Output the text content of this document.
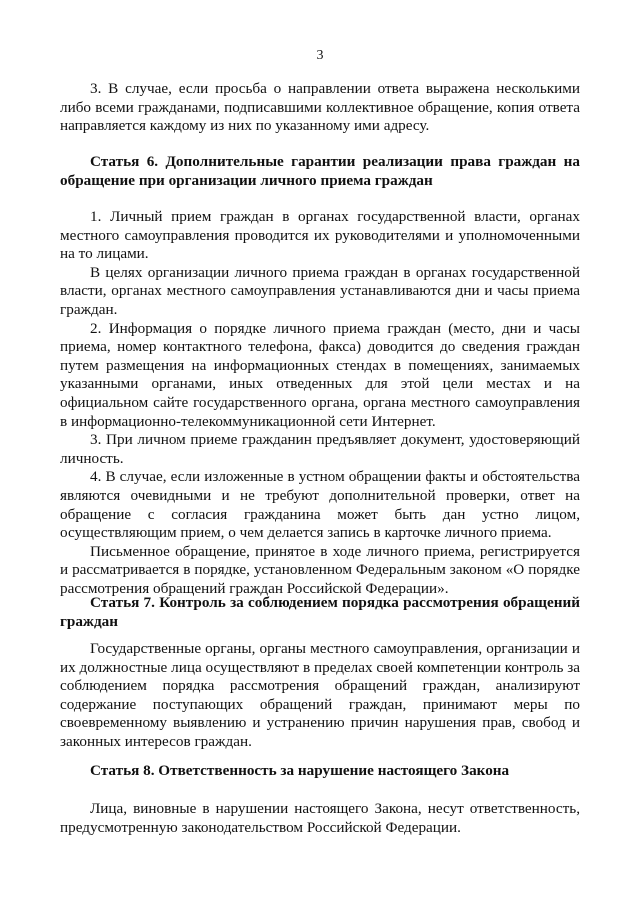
3

3. В случае, если просьба о направлении ответа выражена несколькими либо всеми гражданами, подписавшими коллективное обращение, копия ответа направляется каждому из них по указанному ими адресу.

Статья 6. Дополнительные гарантии реализации права граждан на обращение при организации личного приема граждан

1. Личный прием граждан в органах государственной власти, органах местного самоуправления проводится их руководителями и уполномоченными на то лицами.

В целях организации личного приема граждан в органах государственной власти, органах местного самоуправления устанавливаются дни и часы приема граждан.

2. Информация о порядке личного приема граждан (место, дни и часы приема, номер контактного телефона, факса) доводится до сведения граждан путем размещения на информационных стендах в помещениях, занимаемых указанными органами, иных отведенных для этой цели местах и на официальном сайте государственного органа, органа местного самоуправления в информационно-телекоммуникационной сети Интернет.

3. При личном приеме гражданин предъявляет документ, удостоверяющий личность.

4. В случае, если изложенные в устном обращении факты и обстоятельства являются очевидными и не требуют дополнительной проверки, ответ на обращение с согласия гражданина может быть дан устно лицом, осуществляющим прием, о чем делается запись в карточке личного приема.

Письменное обращение, принятое в ходе личного приема, регистрируется и рассматривается в порядке, установленном Федеральным законом «О порядке рассмотрения обращений граждан Российской Федерации».

Статья 7. Контроль за соблюдением порядка рассмотрения обращений граждан

Государственные органы, органы местного самоуправления, организации и их должностные лица осуществляют в пределах своей компетенции контроль за соблюдением порядка рассмотрения обращений граждан, анализируют содержание поступающих обращений граждан, принимают меры по своевременному выявлению и устранению причин нарушения прав, свобод и законных интересов граждан.

Статья 8. Ответственность за нарушение настоящего Закона

Лица, виновные в нарушении настоящего Закона, несут ответственность, предусмотренную законодательством Российской Федерации.
